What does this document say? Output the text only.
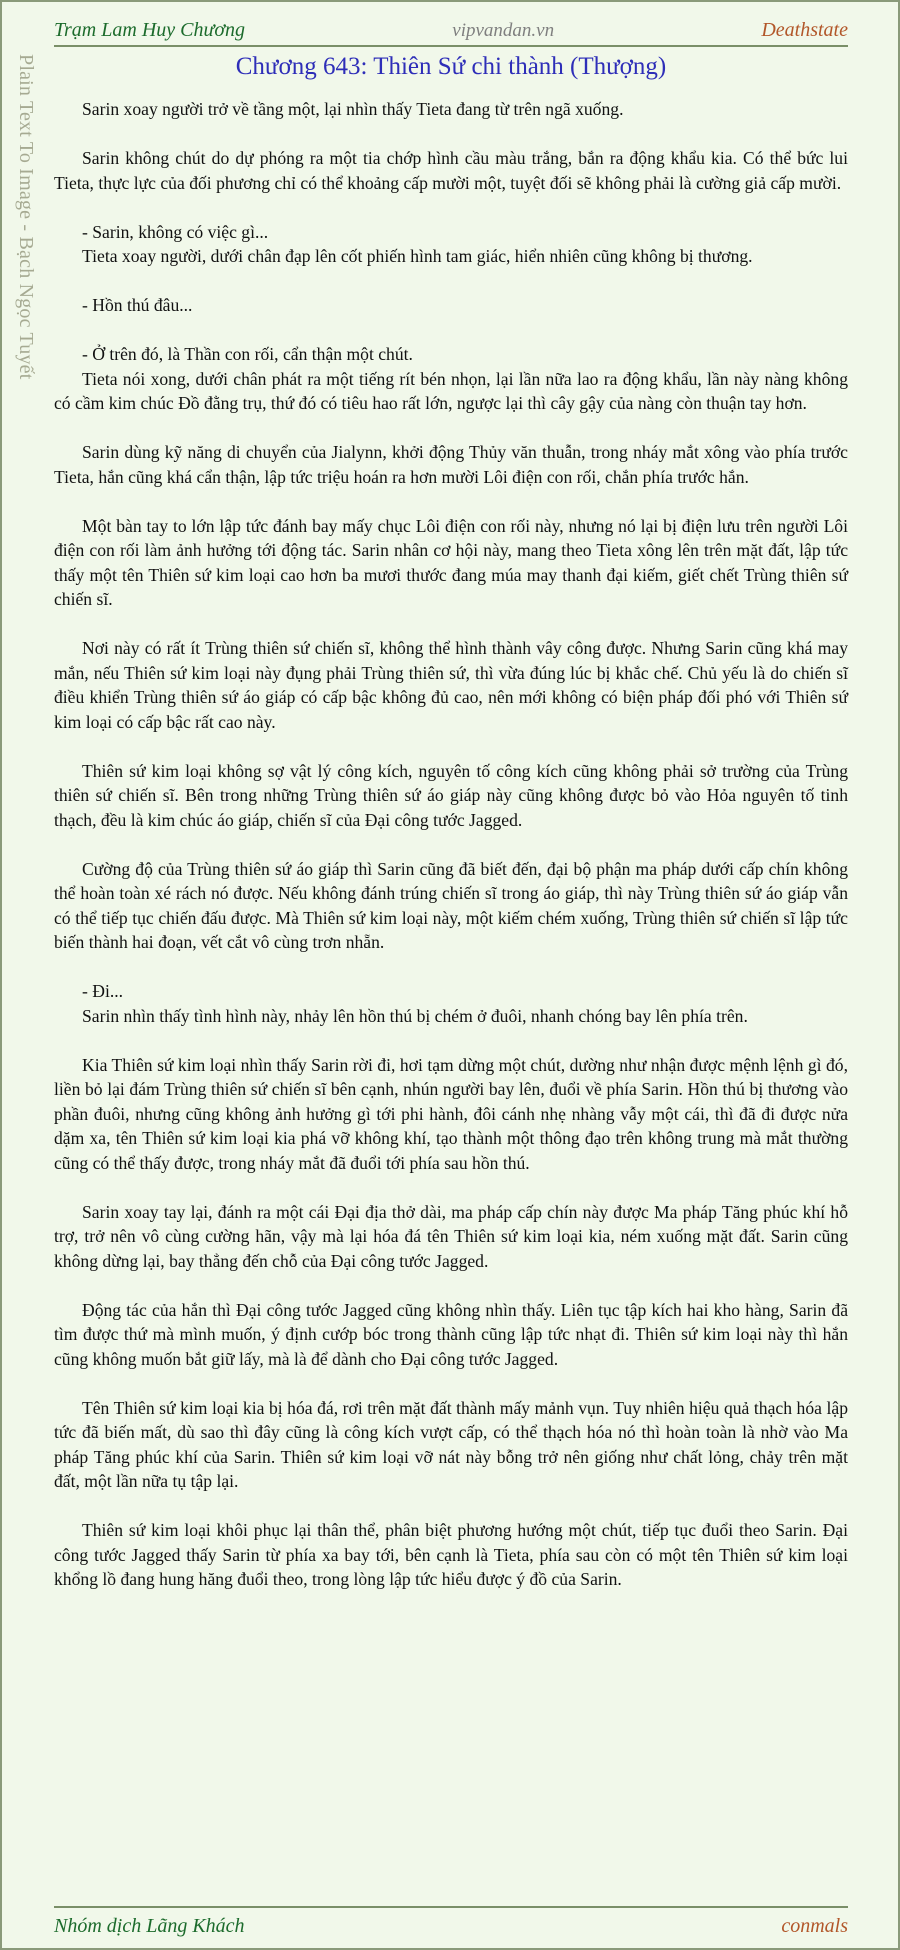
Plain Text To Image - Bạch Ngọc Tuyết
Trạm Lam Huy Chương	vipvandan.vn	Deathstate
Chương 643: Thiên Sứ chi thành (Thượng)

Sarin xoay người trở về tầng một, lại nhìn thấy Tieta đang từ trên ngã xuống.

Sarin không chút do dự phóng ra một tia chớp hình cầu màu trắng, bắn ra động khẩu kia. Có thể bức lui Tieta, thực lực của đối phương chỉ có thể khoảng cấp mười một, tuyệt đối sẽ không phải là cường giả cấp mười.

- Sarin, không có việc gì...

Tieta xoay người, dưới chân đạp lên cốt phiến hình tam giác, hiển nhiên cũng không bị thương.

- Hồn thú đâu...

- Ở trên đó, là Thần con rối, cẩn thận một chút.

Tieta nói xong, dưới chân phát ra một tiếng rít bén nhọn, lại lần nữa lao ra động khẩu, lần này nàng không có cầm kim chúc Đồ đằng trụ, thứ đó có tiêu hao rất lớn, ngược lại thì cây gậy của nàng còn thuận tay hơn.

Sarin dùng kỹ năng di chuyển của Jialynn, khởi động Thủy văn thuẫn, trong nháy mắt xông vào phía trước Tieta, hắn cũng khá cẩn thận, lập tức triệu hoán ra hơn mười Lôi điện con rối, chắn phía trước hắn.

Một bàn tay to lớn lập tức đánh bay mấy chục Lôi điện con rối này, nhưng nó lại bị điện lưu trên người Lôi điện con rối làm ảnh hưởng tới động tác. Sarin nhân cơ hội này, mang theo Tieta xông lên trên mặt đất, lập tức thấy một tên Thiên sứ kim loại cao hơn ba mươi thước đang múa may thanh đại kiếm, giết chết Trùng thiên sứ chiến sĩ.

Nơi này có rất ít Trùng thiên sứ chiến sĩ, không thể hình thành vây công được. Nhưng Sarin cũng khá may mắn, nếu Thiên sứ kim loại này đụng phải Trùng thiên sứ, thì vừa đúng lúc bị khắc chế. Chủ yếu là do chiến sĩ điều khiển Trùng thiên sứ áo giáp có cấp bậc không đủ cao, nên mới không có biện pháp đối phó với Thiên sứ kim loại có cấp bậc rất cao này.

Thiên sứ kim loại không sợ vật lý công kích, nguyên tố công kích cũng không phải sở trường của Trùng thiên sứ chiến sĩ. Bên trong những Trùng thiên sứ áo giáp này cũng không được bỏ vào Hỏa nguyên tố tinh thạch, đều là kim chúc áo giáp, chiến sĩ của Đại công tước Jagged.

Cường độ của Trùng thiên sứ áo giáp thì Sarin cũng đã biết đến, đại bộ phận ma pháp dưới cấp chín không thể hoàn toàn xé rách nó được. Nếu không đánh trúng chiến sĩ trong áo giáp, thì này Trùng thiên sứ áo giáp vẫn có thể tiếp tục chiến đấu được. Mà Thiên sứ kim loại này, một kiếm chém xuống, Trùng thiên sứ chiến sĩ lập tức biến thành hai đoạn, vết cắt vô cùng trơn nhẵn.

- Đi...

Sarin nhìn thấy tình hình này, nhảy lên hồn thú bị chém ở đuôi, nhanh chóng bay lên phía trên.

Kia Thiên sứ kim loại nhìn thấy Sarin rời đi, hơi tạm dừng một chút, dường như nhận được mệnh lệnh gì đó, liền bỏ lại đám Trùng thiên sứ chiến sĩ bên cạnh, nhún người bay lên, đuổi về phía Sarin. Hồn thú bị thương vào phần đuôi, nhưng cũng không ảnh hưởng gì tới phi hành, đôi cánh nhẹ nhàng vẫy một cái, thì đã đi được nửa dặm xa, tên Thiên sứ kim loại kia phá vỡ không khí, tạo thành một thông đạo trên không trung mà mắt thường cũng có thể thấy được, trong nháy mắt đã đuổi tới phía sau hồn thú.

Sarin xoay tay lại, đánh ra một cái Đại địa thở dài, ma pháp cấp chín này được Ma pháp Tăng phúc khí hỗ trợ, trở nên vô cùng cường hãn, vậy mà lại hóa đá tên Thiên sứ kim loại kia, ném xuống mặt đất. Sarin cũng không dừng lại, bay thẳng đến chỗ của Đại công tước Jagged.

Động tác của hắn thì Đại công tước Jagged cũng không nhìn thấy. Liên tục tập kích hai kho hàng, Sarin đã tìm được thứ mà mình muốn, ý định cướp bóc trong thành cũng lập tức nhạt đi. Thiên sứ kim loại này thì hắn cũng không muốn bắt giữ lấy, mà là để dành cho Đại công tước Jagged.

Tên Thiên sứ kim loại kia bị hóa đá, rơi trên mặt đất thành mấy mảnh vụn. Tuy nhiên hiệu quả thạch hóa lập tức đã biến mất, dù sao thì đây cũng là công kích vượt cấp, có thể thạch hóa nó thì hoàn toàn là nhờ vào Ma pháp Tăng phúc khí của Sarin. Thiên sứ kim loại vỡ nát này bỗng trở nên giống như chất lỏng, chảy trên mặt đất, một lần nữa tụ tập lại.

Thiên sứ kim loại khôi phục lại thân thể, phân biệt phương hướng một chút, tiếp tục đuổi theo Sarin. Đại công tước Jagged thấy Sarin từ phía xa bay tới, bên cạnh là Tieta, phía sau còn có một tên Thiên sứ kim loại khổng lồ đang hung hăng đuổi theo, trong lòng lập tức hiểu được ý đồ của Sarin.

Nhóm dịch Lãng Khách	conmals
